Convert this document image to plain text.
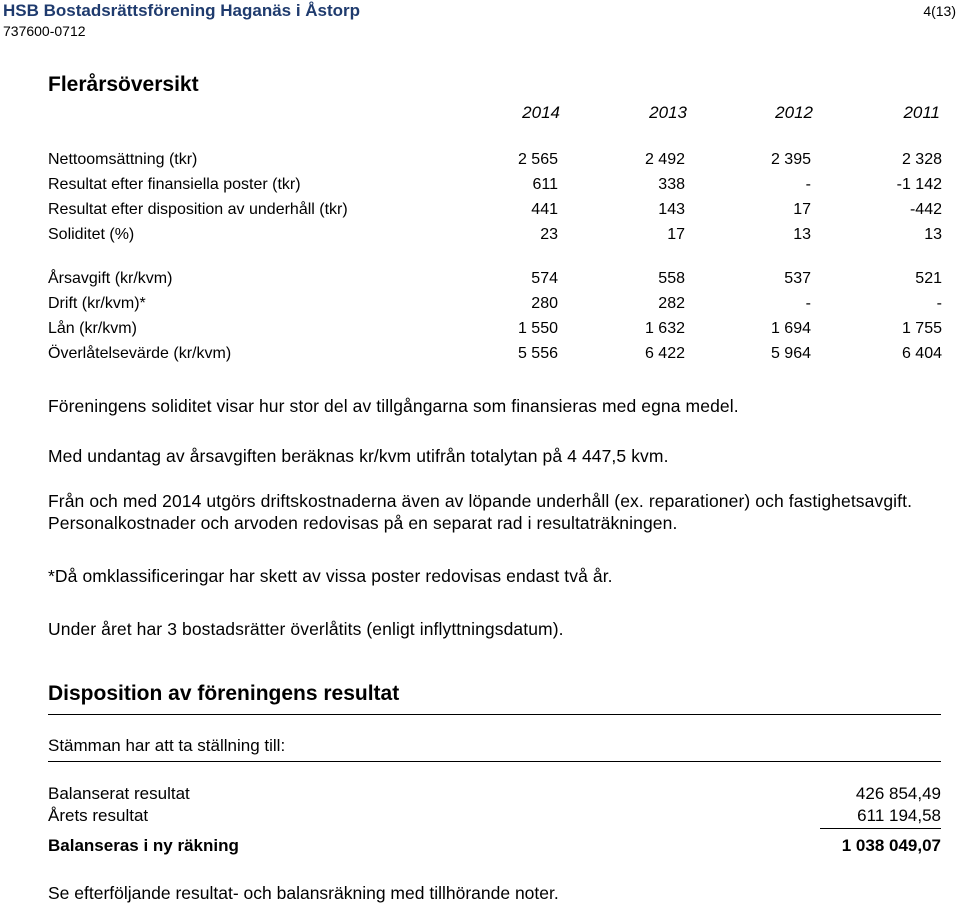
HSB Bostadsrättsförening Haganäs i Åstorp
737600-0712
4(13)
Flerårsöversikt
2014	2013	2012	2011
Nettoomsättning (tkr)	2 565	2 492	2 395	2 328
Resultat efter finansiella poster (tkr)	611	338	-	-1 142
Resultat efter disposition av underhåll (tkr)	441	143	17	-442
Soliditet (%)	23	17	13	13
Årsavgift (kr/kvm)	574	558	537	521
Drift (kr/kvm)*	280	282	-	-
Lån (kr/kvm)	1 550	1 632	1 694	1 755
Överlåtelsevärde (kr/kvm)	5 556	6 422	5 964	6 404
Föreningens soliditet visar hur stor del av tillgångarna som finansieras med egna medel.
Med undantag av årsavgiften beräknas kr/kvm utifrån totalytan på 4 447,5 kvm.
Från och med 2014 utgörs driftskostnaderna även av löpande underhåll (ex. reparationer) och fastighetsavgift. Personalkostnader och arvoden redovisas på en separat rad i resultaträkningen.
*Då omklassificeringar har skett av vissa poster redovisas endast två år.
Under året har 3 bostadsrätter överlåtits (enligt inflyttningsdatum).
Disposition av föreningens resultat
Stämman har att ta ställning till:
Balanserat resultat	426 854,49
Årets resultat	611 194,58
Balanseras i ny räkning	1 038 049,07
Se efterföljande resultat- och balansräkning med tillhörande noter.
